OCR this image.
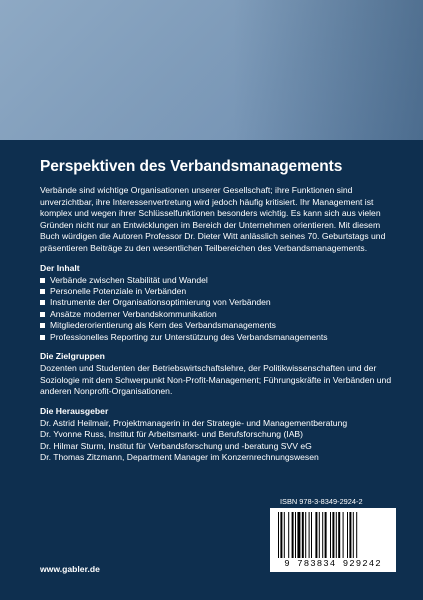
Perspektiven des Verbandsmanagements

Verbände sind wichtige Organisationen unserer Gesellschaft; ihre Funktionen sind unverzichtbar, ihre Interessenvertretung wird jedoch häufig kritisiert. Ihr Management ist komplex und wegen ihrer Schlüsselfunktionen besonders wichtig. Es kann sich aus vielen Gründen nicht nur an Entwicklungen im Bereich der Unternehmen orientieren. Mit diesem Buch würdigen die Autoren Professor Dr. Dieter Witt anlässlich seines 70. Geburtstags und präsentieren Beiträge zu den wesentlichen Teilbereichen des Verbandsmanagements.

Der Inhalt
Verbände zwischen Stabilität und Wandel
Personelle Potenziale in Verbänden
Instrumente der Organisationsoptimierung von Verbänden
Ansätze moderner Verbandskommunikation
Mitgliederorientierung als Kern des Verbandsmanagements
Professionelles Reporting zur Unterstützung des Verbandsmanagements
Die Zielgruppen

Dozenten und Studenten der Betriebswirtschaftslehre, der Politikwissenschaften und der Soziologie mit dem Schwerpunkt Non-Profit-Management; Führungskräfte in Verbänden und anderen Nonprofit-Organisationen.

Die Herausgeber
Dr. Astrid Heilmair, Projektmanagerin in der Strategie- und Managementberatung
Dr. Yvonne Russ, Institut für Arbeitsmarkt- und Berufsforschung (IAB)
Dr. Hilmar Sturm, Institut für Verbandsforschung und -beratung SVV eG
Dr. Thomas Zitzmann, Department Manager im Konzernrechnungswesen
ISBN 978-3-8349-2924-2
9 783834 929242
www.gabler.de
